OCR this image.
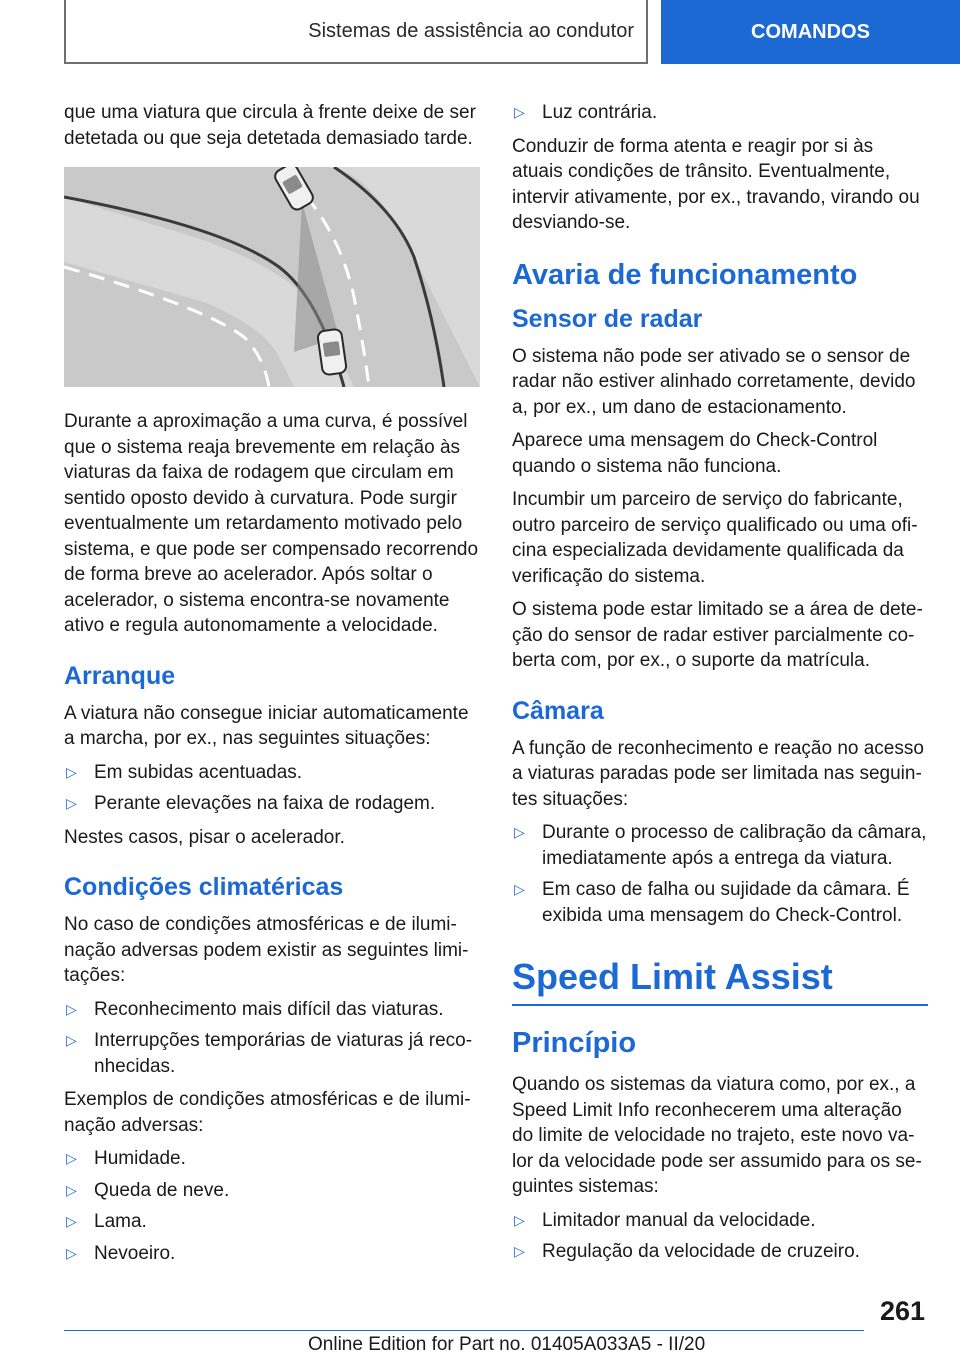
Sistemas de assistência ao condutor	COMANDOS

que uma viatura que circula à frente deixe de ser detetada ou que seja detetada demasiado tarde.

Durante a aproximação a uma curva, é possível que o sistema reaja brevemente em relação às viaturas da faixa de rodagem que circulam em sentido oposto devido à curvatura. Pode surgir eventualmente um retardamento motivado pelo sistema, e que pode ser compensado recorrendo de forma breve ao acelerador. Após soltar o acelerador, o sistema encontra-se novamente ativo e regula autonomamente a velocidade.

Arranque

A viatura não consegue iniciar automaticamente a marcha, por ex., nas seguintes situações:

▷ Em subidas acentuadas.
▷ Perante elevações na faixa de rodagem.

Nestes casos, pisar o acelerador.

Condições climatéricas

No caso de condições atmosféricas e de iluminação adversas podem existir as seguintes limitações:

▷ Reconhecimento mais difícil das viaturas.
▷ Interrupções temporárias de viaturas já reconhecidas.

Exemplos de condições atmosféricas e de iluminação adversas:

▷ Humidade.
▷ Queda de neve.
▷ Lama.
▷ Nevoeiro.
▷ Luz contrária.

Conduzir de forma atenta e reagir por si às atuais condições de trânsito. Eventualmente, intervir ativamente, por ex., travando, virando ou desviando-se.

Avaria de funcionamento
Sensor de radar

O sistema não pode ser ativado se o sensor de radar não estiver alinhado corretamente, devido a, por ex., um dano de estacionamento.

Aparece uma mensagem do Check-Control quando o sistema não funciona.

Incumbir um parceiro de serviço do fabricante, outro parceiro de serviço qualificado ou uma oficina especializada devidamente qualificada da verificação do sistema.

O sistema pode estar limitado se a área de deteção do sensor de radar estiver parcialmente coberta com, por ex., o suporte da matrícula.

Câmara

A função de reconhecimento e reação no acesso a viaturas paradas pode ser limitada nas seguintes situações:

▷ Durante o processo de calibração da câmara, imediatamente após a entrega da viatura.
▷ Em caso de falha ou sujidade da câmara. É exibida uma mensagem do Check-Control.
Speed Limit Assist
Princípio

Quando os sistemas da viatura como, por ex., a Speed Limit Info reconhecerem uma alteração do limite de velocidade no trajeto, este novo valor da velocidade pode ser assumido para os seguintes sistemas:

▷ Limitador manual da velocidade.
▷ Regulação da velocidade de cruzeiro.
261
Online Edition for Part no. 01405A033A5 - II/20
